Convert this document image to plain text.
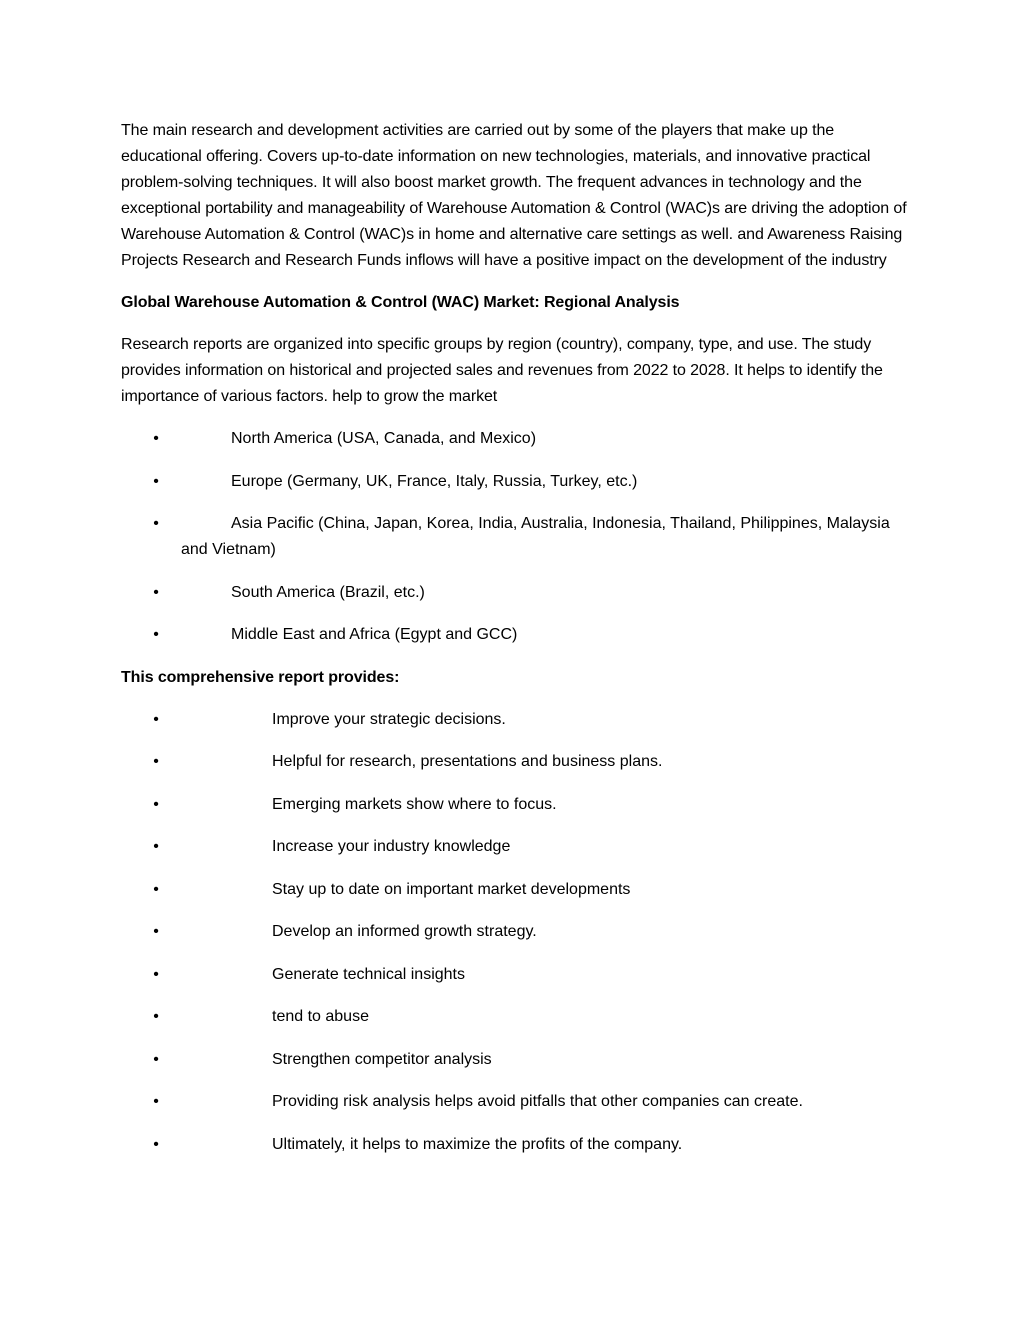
The main research and development activities are carried out by some of the players that make up the educational offering. Covers up-to-date information on new technologies, materials, and innovative practical problem-solving techniques. It will also boost market growth. The frequent advances in technology and the exceptional portability and manageability of Warehouse Automation & Control (WAC)s are driving the adoption of Warehouse Automation & Control (WAC)s in home and alternative care settings as well. and Awareness Raising Projects Research and Research Funds inflows will have a positive impact on the development of the industry

Global Warehouse Automation & Control (WAC) Market: Regional Analysis

Research reports are organized into specific groups by region (country), company, type, and use. The study provides information on historical and projected sales and revenues from 2022 to 2028. It helps to identify the importance of various factors. help to grow the market

•	North America (USA, Canada, and Mexico)
•	Europe (Germany, UK, France, Italy, Russia, Turkey, etc.)
•	Asia Pacific (China, Japan, Korea, India, Australia, Indonesia, Thailand, Philippines, Malaysia and Vietnam)
•	South America (Brazil, etc.)
•	Middle East and Africa (Egypt and GCC)

This comprehensive report provides:

•	Improve your strategic decisions.
•	Helpful for research, presentations and business plans.
•	Emerging markets show where to focus.
•	Increase your industry knowledge
•	Stay up to date on important market developments
•	Develop an informed growth strategy.
•	Generate technical insights
•	tend to abuse
•	Strengthen competitor analysis
•	Providing risk analysis helps avoid pitfalls that other companies can create.
•	Ultimately, it helps to maximize the profits of the company.
